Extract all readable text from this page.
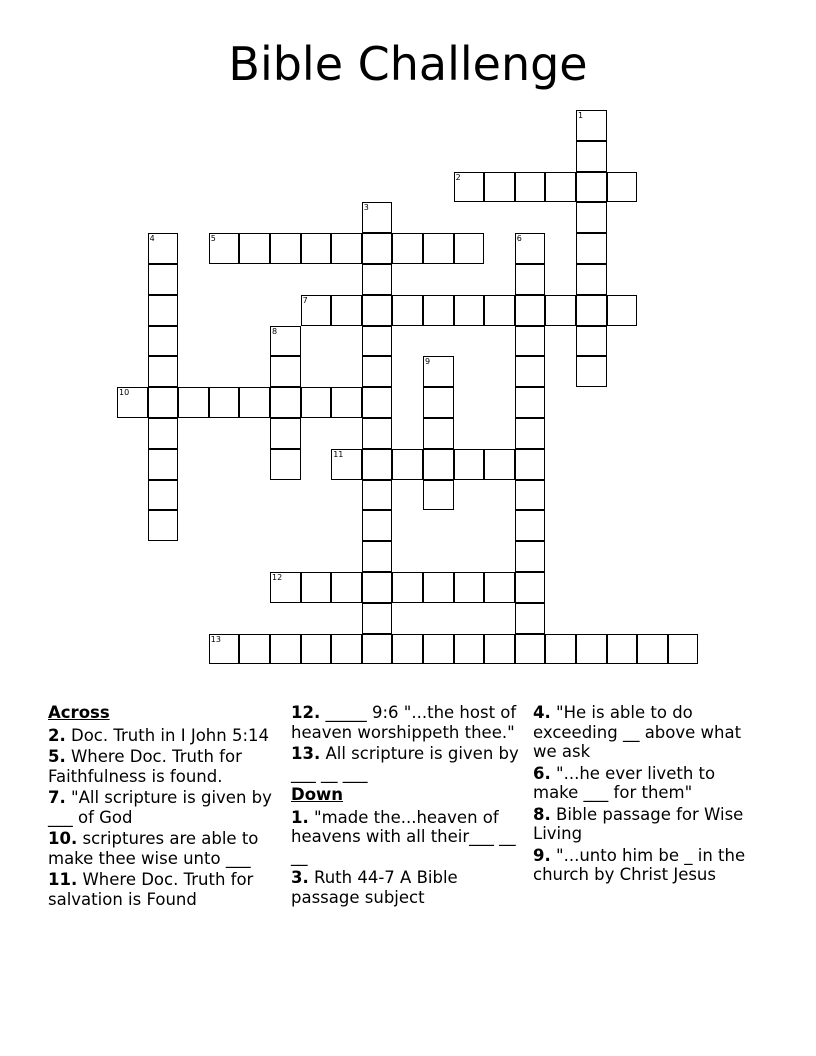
Bible Challenge
1
2
3
4	5	6
7
8
9
10
11
12
13
Across
2. Doc. Truth in I John 5:14
5. Where Doc. Truth for Faithfulness is found.
7. "All scripture is given by ___ of God
10. scriptures are able to make thee wise unto ___
11. Where Doc. Truth for salvation is Found
12. _____ 9:6 "...the host of heaven worshippeth thee."
13. All scripture is given by ___ __ ___
Down
1. "made the...heaven of heavens with all their___ __ __
3. Ruth 44-7 A Bible passage subject
4. "He is able to do exceeding __ above what we ask
6. "...he ever liveth to make ___ for them"
8. Bible passage for Wise Living
9. "...unto him be _ in the church by Christ Jesus
